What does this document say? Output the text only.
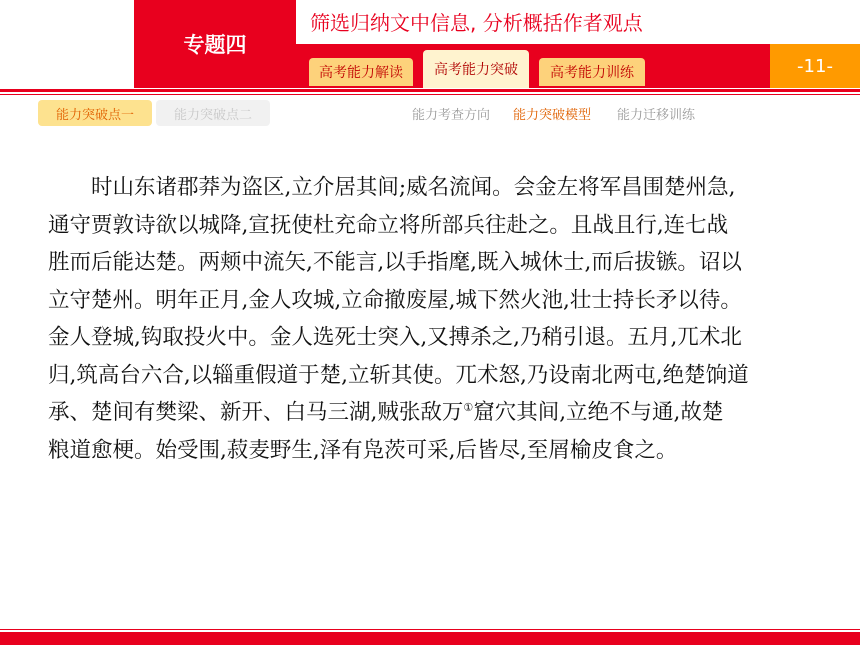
专题四
筛选归纳文中信息, 分析概括作者观点
高考能力解读	高考能力突破	高考能力训练	-11-
能力突破点一	能力突破点二	能力考查方向 能力突破模型 能力迁移训练
时山东诸郡莽为盗区,立介居其间;威名流闻。会金左将军昌围楚州急,
通守贾敦诗欲以城降,宣抚使杜充命立将所部兵往赴之。且战且行,连七战
胜而后能达楚。两颊中流矢,不能言,以手指麾,既入城休士,而后拔镞。诏以
立守楚州。明年正月,金人攻城,立命撤废屋,城下然火池,壮士持长矛以待。
金人登城,钩取投火中。金人选死士突入,又搏杀之,乃稍引退。五月,兀术北
归,筑高台六合,以辎重假道于楚,立斩其使。兀术怒,乃设南北两屯,绝楚饷道
承、楚间有樊梁、新开、白马三湖,贼张敌万①窟穴其间,立绝不与通,故楚
粮道愈梗。始受围,菽麦野生,泽有凫茨可采,后皆尽,至屑榆皮食之。
